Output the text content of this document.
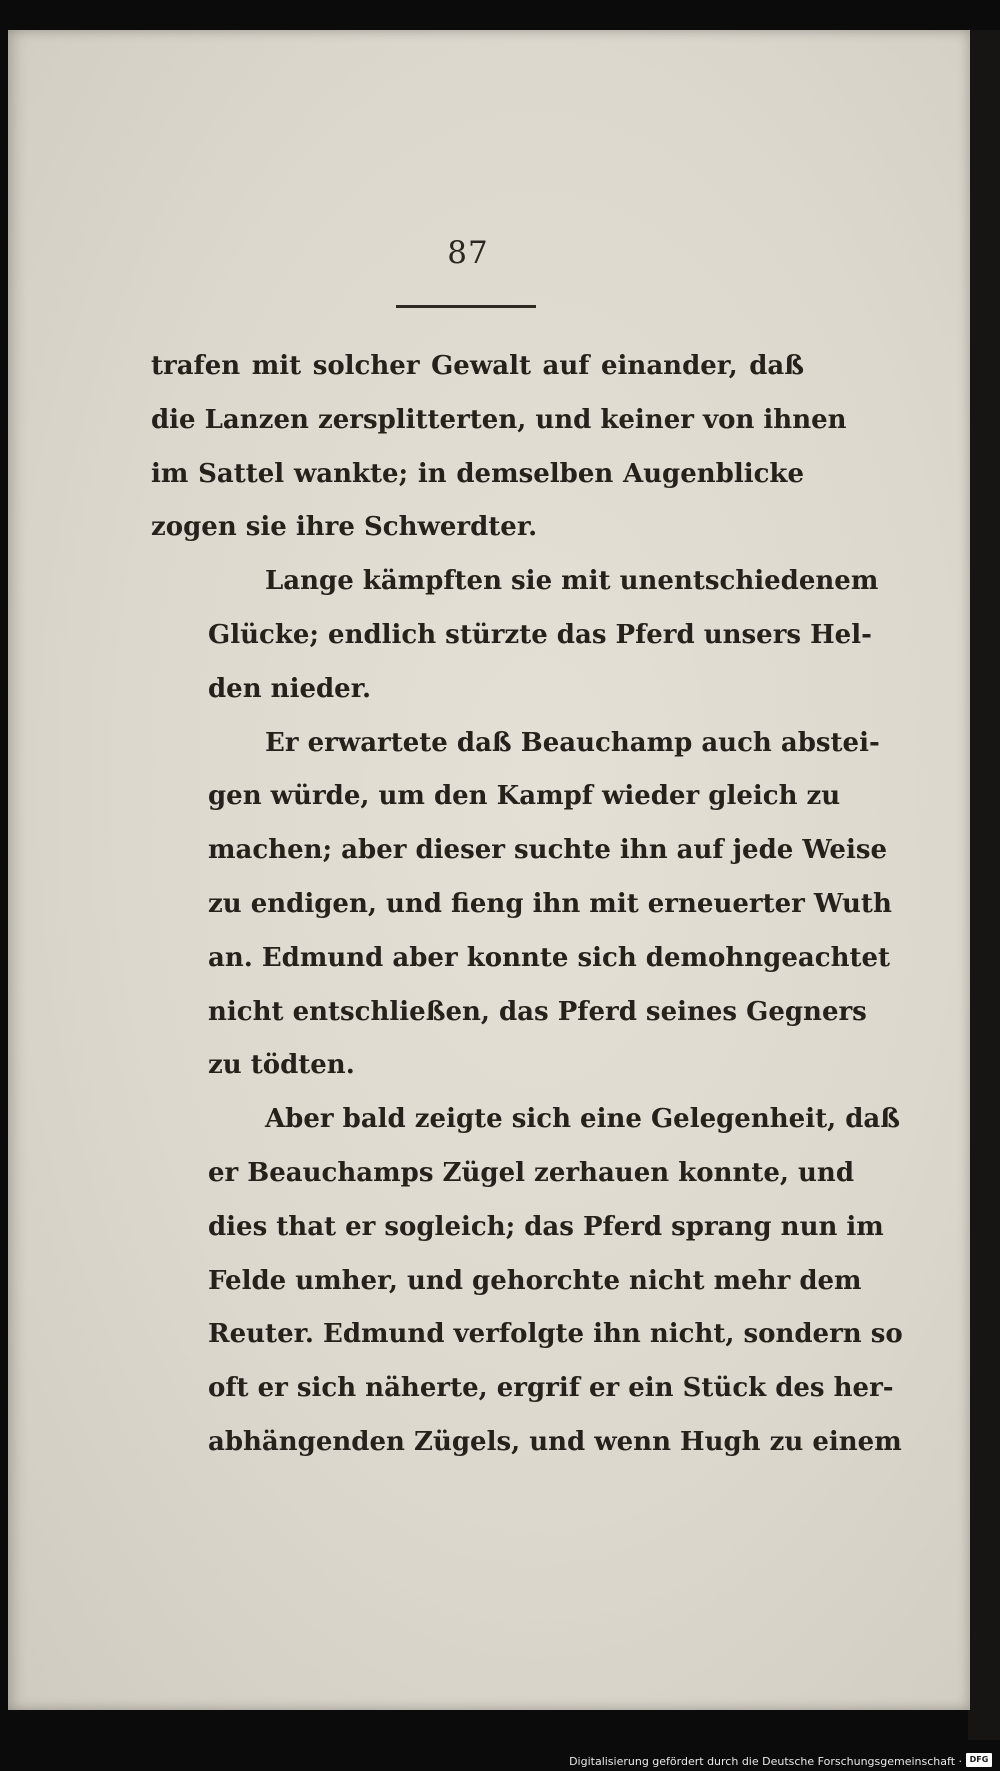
87
trafen mit solcher Gewalt auf einander, daß
die Lanzen zersplitterten, und keiner von ihnen
im Sattel wankte; in demselben Augenblicke
zogen sie ihre Schwerdter.
Lange kämpften sie mit unentschiedenem
Glücke; endlich stürzte das Pferd unsers Hel-
den nieder.
Er erwartete daß Beauchamp auch abstei-
gen würde, um den Kampf wieder gleich zu
machen; aber dieser suchte ihn auf jede Weise
zu endigen, und fieng ihn mit erneuerter Wuth
an. Edmund aber konnte sich demohngeachtet
nicht entschließen, das Pferd seines Gegners
zu tödten.
Aber bald zeigte sich eine Gelegenheit, daß
er Beauchamps Zügel zerhauen konnte, und
dies that er sogleich; das Pferd sprang nun im
Felde umher, und gehorchte nicht mehr dem
Reuter. Edmund verfolgte ihn nicht, sondern so
oft er sich näherte, ergrif er ein Stück des her-
abhängenden Zügels, und wenn Hugh zu einem
Digitalisierung gefördert durch die Deutsche Forschungsgemeinschaft · DFG
